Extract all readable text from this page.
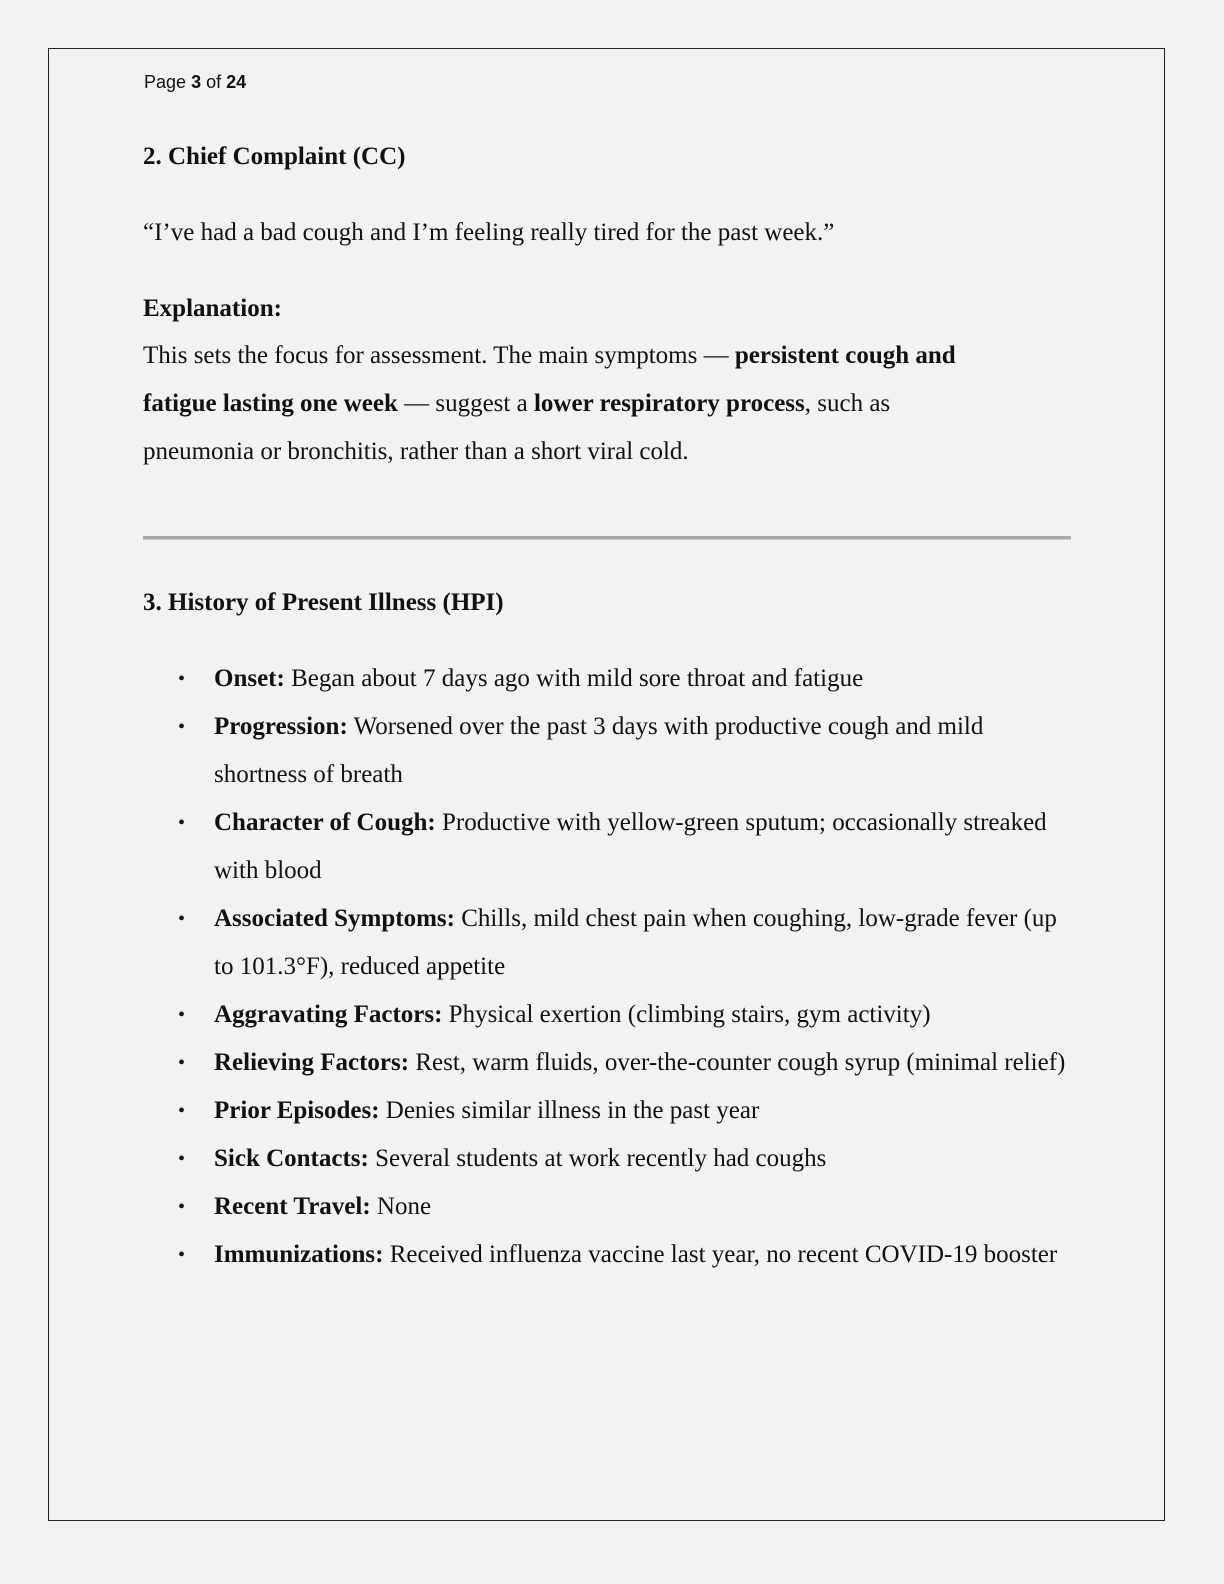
Page 3 of 24
2. Chief Complaint (CC)
“I’ve had a bad cough and I’m feeling really tired for the past week.”
Explanation:
This sets the focus for assessment. The main symptoms — persistent cough and
fatigue lasting one week — suggest a lower respiratory process, such as
pneumonia or bronchitis, rather than a short viral cold.
3. History of Present Illness (HPI)
• Onset: Began about 7 days ago with mild sore throat and fatigue
• Progression: Worsened over the past 3 days with productive cough and mild shortness of breath
• Character of Cough: Productive with yellow-green sputum; occasionally streaked with blood
• Associated Symptoms: Chills, mild chest pain when coughing, low-grade fever (up to 101.3°F), reduced appetite
• Aggravating Factors: Physical exertion (climbing stairs, gym activity)
• Relieving Factors: Rest, warm fluids, over-the-counter cough syrup (minimal relief)
• Prior Episodes: Denies similar illness in the past year
• Sick Contacts: Several students at work recently had coughs
• Recent Travel: None
• Immunizations: Received influenza vaccine last year, no recent COVID-19 booster
